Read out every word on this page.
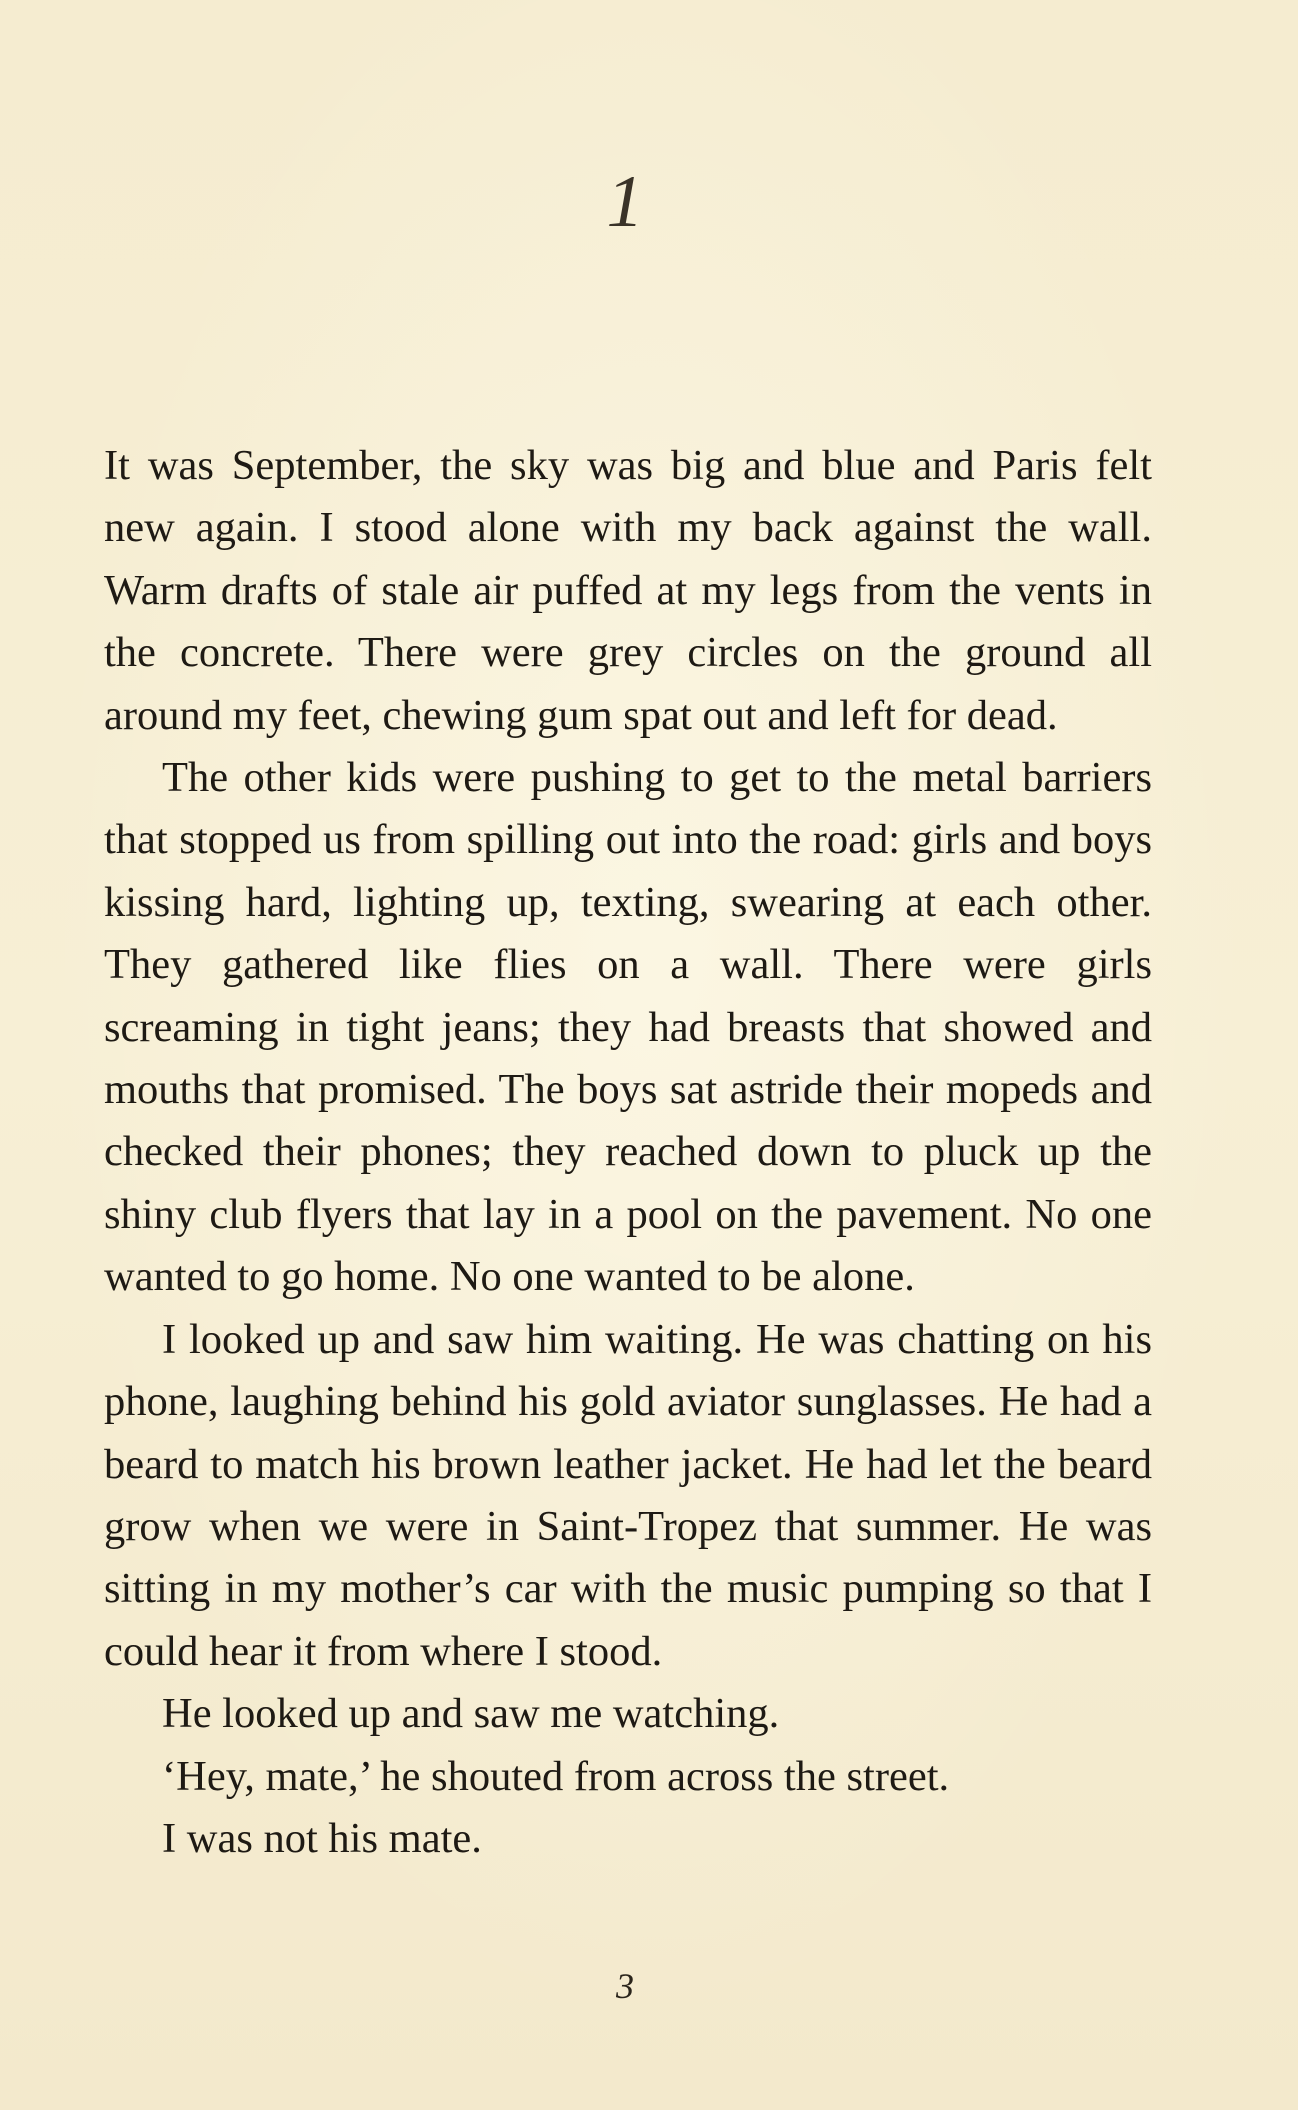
1

It was September, the sky was big and blue and Paris felt new again. I stood alone with my back against the wall. Warm drafts of stale air puffed at my legs from the vents in the concrete. There were grey circles on the ground all around my feet, chewing gum spat out and left for dead.

The other kids were pushing to get to the metal barriers that stopped us from spilling out into the road: girls and boys kissing hard, lighting up, texting, swearing at each other. They gathered like flies on a wall. There were girls screaming in tight jeans; they had breasts that showed and mouths that promised. The boys sat astride their mopeds and checked their phones; they reached down to pluck up the shiny club flyers that lay in a pool on the pavement. No one wanted to go home. No one wanted to be alone.

I looked up and saw him waiting. He was chatting on his phone, laughing behind his gold aviator sunglasses. He had a beard to match his brown leather jacket. He had let the beard grow when we were in Saint-Tropez that summer. He was sitting in my mother’s car with the music pumping so that I could hear it from where I stood.

He looked up and saw me watching.

‘Hey, mate,’ he shouted from across the street.

I was not his mate.

3
